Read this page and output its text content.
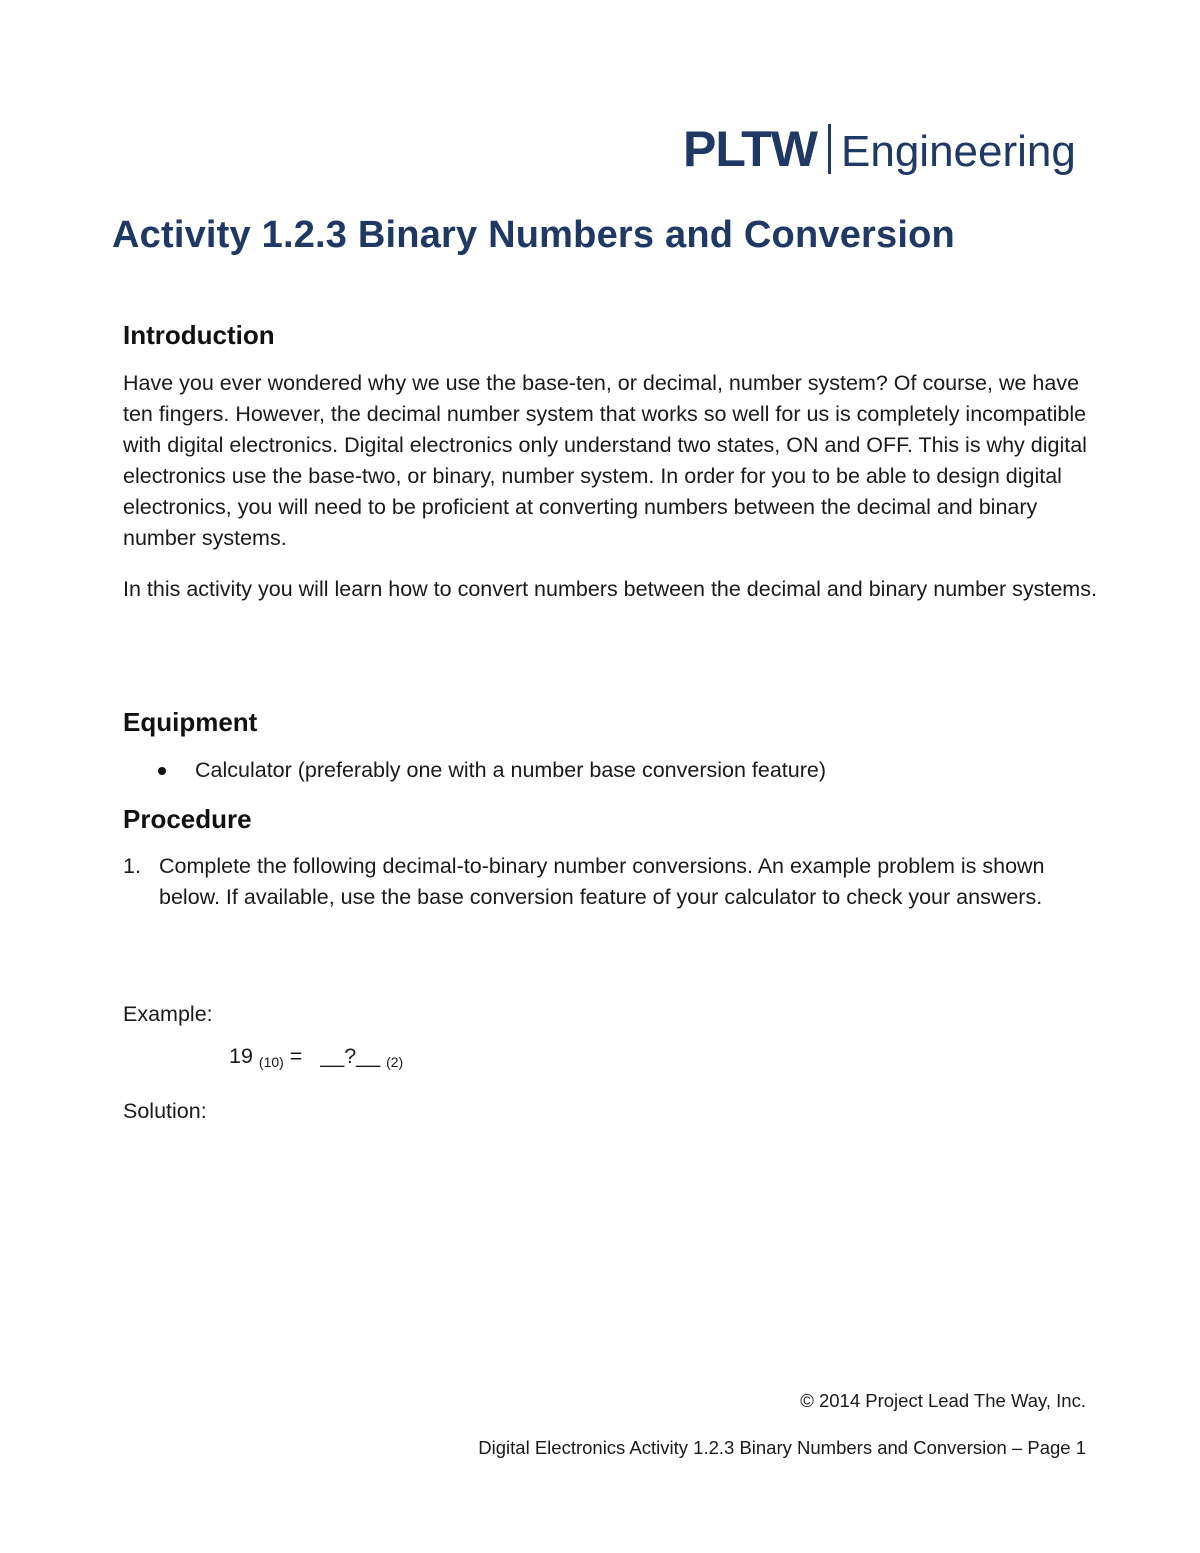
PLTW Engineering
Activity 1.2.3 Binary Numbers and Conversion
Introduction

Have you ever wondered why we use the base-ten, or decimal, number system? Of course, we have ten fingers. However, the decimal number system that works so well for us is completely incompatible with digital electronics. Digital electronics only understand two states, ON and OFF. This is why digital electronics use the base-two, or binary, number system. In order for you to be able to design digital electronics, you will need to be proficient at converting numbers between the decimal and binary number systems.

In this activity you will learn how to convert numbers between the decimal and binary number systems.

Equipment
Calculator (preferably one with a number base conversion feature)
Procedure
1. Complete the following decimal-to-binary number conversions. An example problem is shown below. If available, use the base conversion feature of your calculator to check your answers.

Example:
19 (10) = __?__ (2)
Solution:
© 2014 Project Lead The Way, Inc.
Digital Electronics Activity 1.2.3 Binary Numbers and Conversion – Page 1
